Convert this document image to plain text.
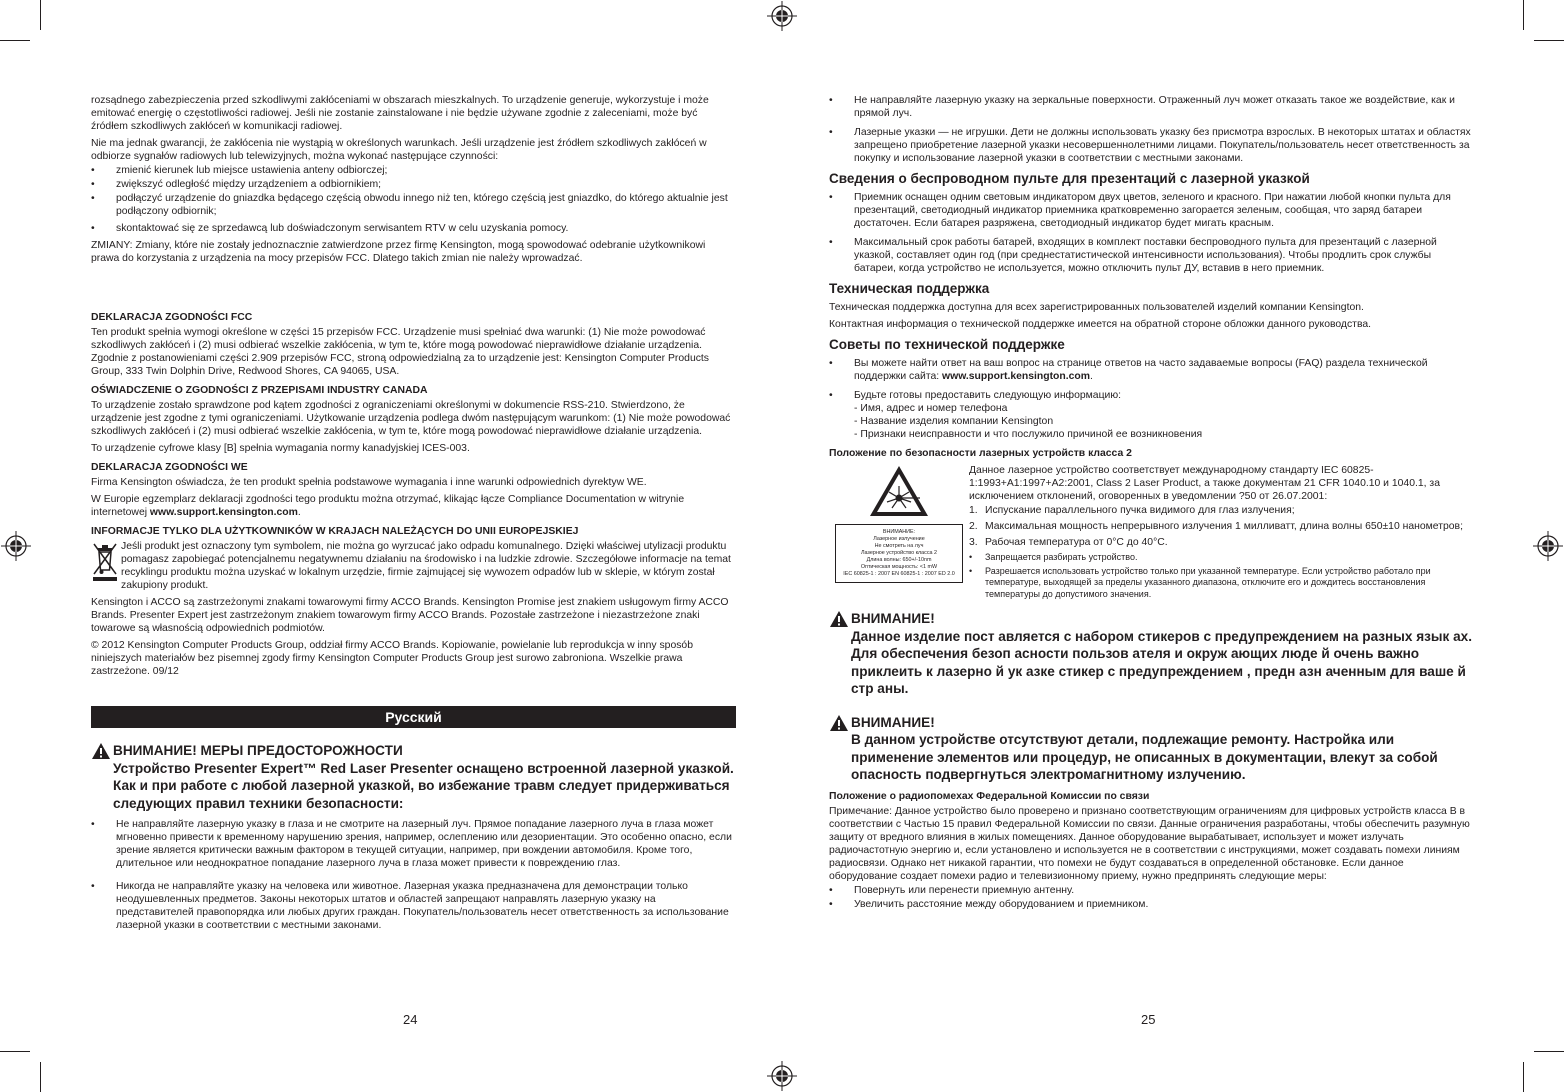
rozsądnego zabezpieczenia przed szkodliwymi zakłóceniami w obszarach mieszkalnych. To urządzenie generuje, wykorzystuje i może emitować energię o częstotliwości radiowej. Jeśli nie zostanie zainstalowane i nie będzie używane zgodnie z zaleceniami, może być źródłem szkodliwych zakłóceń w komunikacji radiowej.

Nie ma jednak gwarancji, że zakłócenia nie wystąpią w określonych warunkach. Jeśli urządzenie jest źródłem szkodliwych zakłóceń w odbiorze sygnałów radiowych lub telewizyjnych, można wykonać następujące czynności:

• zmienić kierunek lub miejsce ustawienia anteny odbiorczej;
• zwiększyć odległość między urządzeniem a odbiornikiem;
• podłączyć urządzenie do gniazdka będącego częścią obwodu innego niż ten, którego częścią jest gniazdko, do którego aktualnie jest podłączony odbiornik;
• skontaktować się ze sprzedawcą lub doświadczonym serwisantem RTV w celu uzyskania pomocy.

ZMIANY: Zmiany, które nie zostały jednoznacznie zatwierdzone przez firmę Kensington, mogą spowodować odebranie użytkownikowi prawa do korzystania z urządzenia na mocy przepisów FCC. Dlatego takich zmian nie należy wprowadzać.

DEKLARACJA ZGODNOŚCI FCC

Ten produkt spełnia wymogi określone w części 15 przepisów FCC. Urządzenie musi spełniać dwa warunki: (1) Nie może powodować szkodliwych zakłóceń i (2) musi odbierać wszelkie zakłócenia, w tym te, które mogą powodować nieprawidłowe działanie urządzenia. Zgodnie z postanowieniami części 2.909 przepisów FCC, stroną odpowiedzialną za to urządzenie jest: Kensington Computer Products Group, 333 Twin Dolphin Drive, Redwood Shores, CA 94065, USA.

OŚWIADCZENIE O ZGODNOŚCI Z PRZEPISAMI INDUSTRY CANADA

To urządzenie zostało sprawdzone pod kątem zgodności z ograniczeniami określonymi w dokumencie RSS-210. Stwierdzono, że urządzenie jest zgodne z tymi ograniczeniami. Użytkowanie urządzenia podlega dwóm następującym warunkom: (1) Nie może powodować szkodliwych zakłóceń i (2) musi odbierać wszelkie zakłócenia, w tym te, które mogą powodować nieprawidłowe działanie urządzenia.

To urządzenie cyfrowe klasy [B] spełnia wymagania normy kanadyjskiej ICES-003.

DEKLARACJA ZGODNOŚCI WE

Firma Kensington oświadcza, że ten produkt spełnia podstawowe wymagania i inne warunki odpowiednich dyrektyw WE.

W Europie egzemplarz deklaracji zgodności tego produktu można otrzymać, klikając łącze Compliance Documentation w witrynie internetowej www.support.kensington.com.

INFORMACJE TYLKO DLA UŻYTKOWNIKÓW W KRAJACH NALEŻĄCYCH DO UNII EUROPEJSKIEJ

Jeśli produkt jest oznaczony tym symbolem, nie można go wyrzucać jako odpadu komunalnego. Dzięki właściwej utylizacji produktu pomagasz zapobiegać potencjalnemu negatywnemu działaniu na środowisko i na ludzkie zdrowie. Szczegółowe informacje na temat recyklingu produktu można uzyskać w lokalnym urzędzie, firmie zajmującej się wywozem odpadów lub w sklepie, w którym został zakupiony produkt.

Kensington i ACCO są zastrzeżonymi znakami towarowymi firmy ACCO Brands. Kensington Promise jest znakiem usługowym firmy ACCO Brands. Presenter Expert jest zastrzeżonym znakiem towarowym firmy ACCO Brands. Pozostałe zastrzeżone i niezastrzeżone znaki towarowe są własnością odpowiednich podmiotów.

© 2012 Kensington Computer Products Group, oddział firmy ACCO Brands. Kopiowanie, powielanie lub reprodukcja w inny sposób niniejszych materiałów bez pisemnej zgody firmy Kensington Computer Products Group jest surowo zabroniona. Wszelkie prawa zastrzeżone. 09/12

Русский
ВНИМАНИЕ! МЕРЫ ПРЕДОСТОРОЖНОСТИ
Устройство Presenter Expert™ Red Laser Presenter оснащено встроенной лазерной указкой. Как и при работе с любой лазерной указкой, во избежание травм следует придерживаться следующих правил техники безопасности:
• Не направляйте лазерную указку в глаза и не смотрите на лазерный луч. Прямое попадание лазерного луча в глаза может мгновенно привести к временному нарушению зрения, например, ослеплению или дезориентации. Это особенно опасно, если зрение является критически важным фактором в текущей ситуации, например, при вождении автомобиля. Кроме того, длительное или неоднократное попадание лазерного луча в глаза может привести к повреждению глаз.
• Никогда не направляйте указку на человека или животное. Лазерная указка предназначена для демонстрации только неодушевленных предметов. Законы некоторых штатов и областей запрещают направлять лазерную указку на представителей правопорядка или любых других граждан. Покупатель/пользователь несет ответственность за использование лазерной указки в соответствии с местными законами.
• Не направляйте лазерную указку на зеркальные поверхности. Отраженный луч может отказать такое же воздействие, как и прямой луч.
• Лазерные указки — не игрушки. Дети не должны использовать указку без присмотра взрослых. В некоторых штатах и областях запрещено приобретение лазерной указки несовершеннолетними лицами. Покупатель/пользователь несет ответственность за покупку и использование лазерной указки в соответствии с местными законами.
Сведения о беспроводном пульте для презентаций с лазерной указкой
• Приемник оснащен одним световым индикатором двух цветов, зеленого и красного. При нажатии любой кнопки пульта для презентаций, светодиодный индикатор приемника кратковременно загорается зеленым, сообщая, что заряд батареи достаточен. Если батарея разряжена, светодиодный индикатор будет мигать красным.
• Максимальный срок работы батарей, входящих в комплект поставки беспроводного пульта для презентаций с лазерной указкой, составляет один год (при среднестатистической интенсивности использования). Чтобы продлить срок службы батареи, когда устройство не используется, можно отключить пульт ДУ, вставив в него приемник.
Техническая поддержка

Техническая поддержка доступна для всех зарегистрированных пользователей изделий компании Kensington.

Контактная информация о технической поддержке имеется на обратной стороне обложки данного руководства.

Советы по технической поддержке
• Вы можете найти ответ на ваш вопрос на странице ответов на часто задаваемые вопросы (FAQ) раздела технической поддержки сайта: www.support.kensington.com.
• Будьте готовы предоставить следующую информацию:
- Имя, адрес и номер телефона
- Название изделия компании Kensington
- Признаки неисправности и что послужило причиной ее возникновения
Положение по безопасности лазерных устройств класса 2
ВНИМАНИЕ:
Лазерное излучение
Не смотреть на луч
Лазерное устройство класса 2
Длина волны: 650+/-10nm
Оптическая мощность: <1 mW
IEC 60825-1 : 2007 EN 60825-1 : 2007 ED 2.0

Данное лазерное устройство соответствует международному стандарту IEC 60825-1:1993+A1:1997+A2:2001, Class 2 Laser Product, а также документам 21 CFR 1040.10 и 1040.1, за исключением отклонений, оговоренных в уведомлении ?50 от 26.07.2001:

1. Испускание параллельного пучка видимого для глаз излучения;
2. Максимальная мощность непрерывного излучения 1 милливатт, длина волны 650±10 нанометров;
3. Рабочая температура от 0°C до 40°C.
• Запрещается разбирать устройство.
• Разрешается использовать устройство только при указанной температуре. Если устройство работало при температуре, выходящей за пределы указанного диапазона, отключите его и дождитесь восстановления температуры до допустимого значения.
ВНИМАНИЕ!
Данное изделие пост авляется с набором стикеров с предупреждением на разных язык ах. Для обеспечения безоп асности пользов ателя и окруж ающих люде й очень важно приклеить к лазерно й ук азке стикер с предупреждением , предн азн аченным для ваше й стр аны.
ВНИМАНИЕ!
В данном устройстве отсутствуют детали, подлежащие ремонту. Настройка или применение элементов или процедур, не описанных в документации, влекут за собой опасность подвергнуться электромагнитному излучению.
Положение о радиопомехах Федеральной Комиссии по связи

Примечание: Данное устройство было проверено и признано соответствующим ограничениям для цифровых устройств класса B в соответствии с Частью 15 правил Федеральной Комиссии по связи. Данные ограничения разработаны, чтобы обеспечить разумную защиту от вредного влияния в жилых помещениях. Данное оборудование вырабатывает, использует и может излучать радиочастотную энергию и, если установлено и используется не в соответствии с инструкциями, может создавать помехи линиям радиосвязи. Однако нет никакой гарантии, что помехи не будут создаваться в определенной обстановке. Если данное оборудование создает помехи радио и телевизионному приему, нужно предпринять следующие меры:

• Повернуть или перенести приемную антенну.
• Увеличить расстояние между оборудованием и приемником.
24	25
